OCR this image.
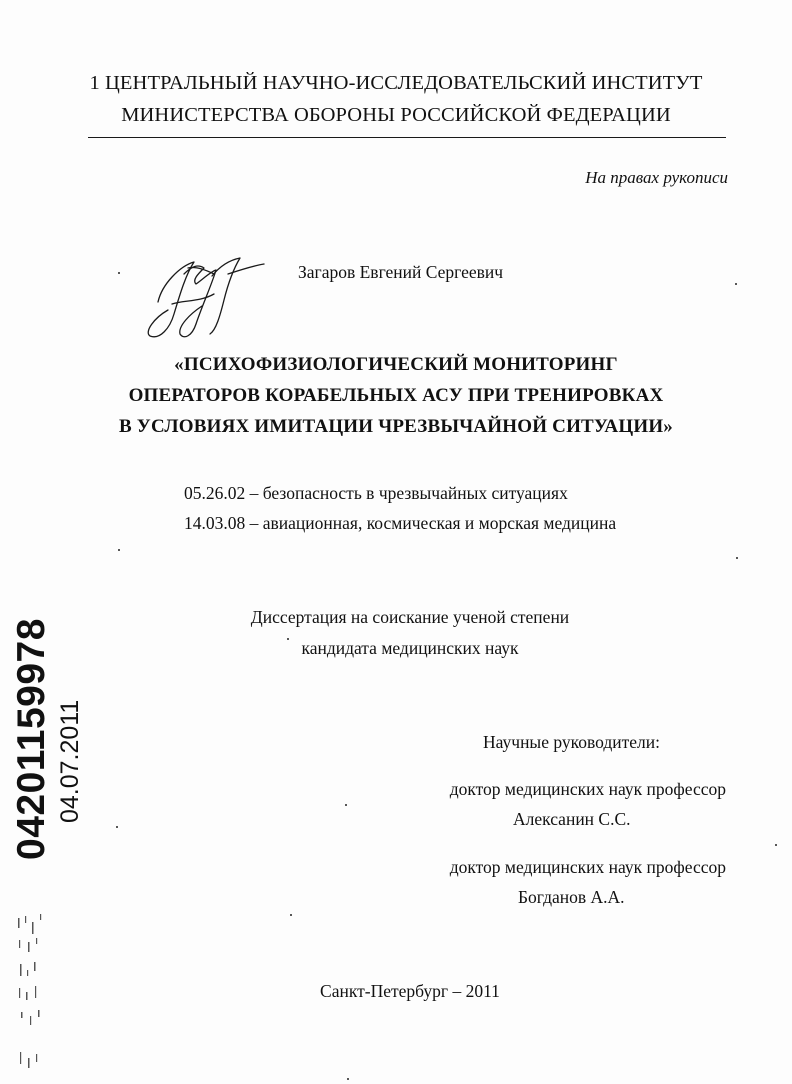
1 ЦЕНТРАЛЬНЫЙ НАУЧНО-ИССЛЕДОВАТЕЛЬСКИЙ ИНСТИТУТ
МИНИСТЕРСТВА ОБОРОНЫ РОССИЙСКОЙ ФЕДЕРАЦИИ
На правах рукописи
Загаров Евгений Сергеевич
«ПСИХОФИЗИОЛОГИЧЕСКИЙ МОНИТОРИНГ
ОПЕРАТОРОВ КОРАБЕЛЬНЫХ АСУ ПРИ ТРЕНИРОВКАХ
В УСЛОВИЯХ ИМИТАЦИИ ЧРЕЗВЫЧАЙНОЙ СИТУАЦИИ»
05.26.02 – безопасность в чрезвычайных ситуациях
14.03.08 – авиационная, космическая и морская медицина
Диссертация на соискание ученой степени
кандидата медицинских наук
Научные руководители:
доктор медицинских наук профессор
Алексанин С.С.
доктор медицинских наук профессор
Богданов А.А.
Санкт-Петербург – 2011
04201159978 04.07.2011
